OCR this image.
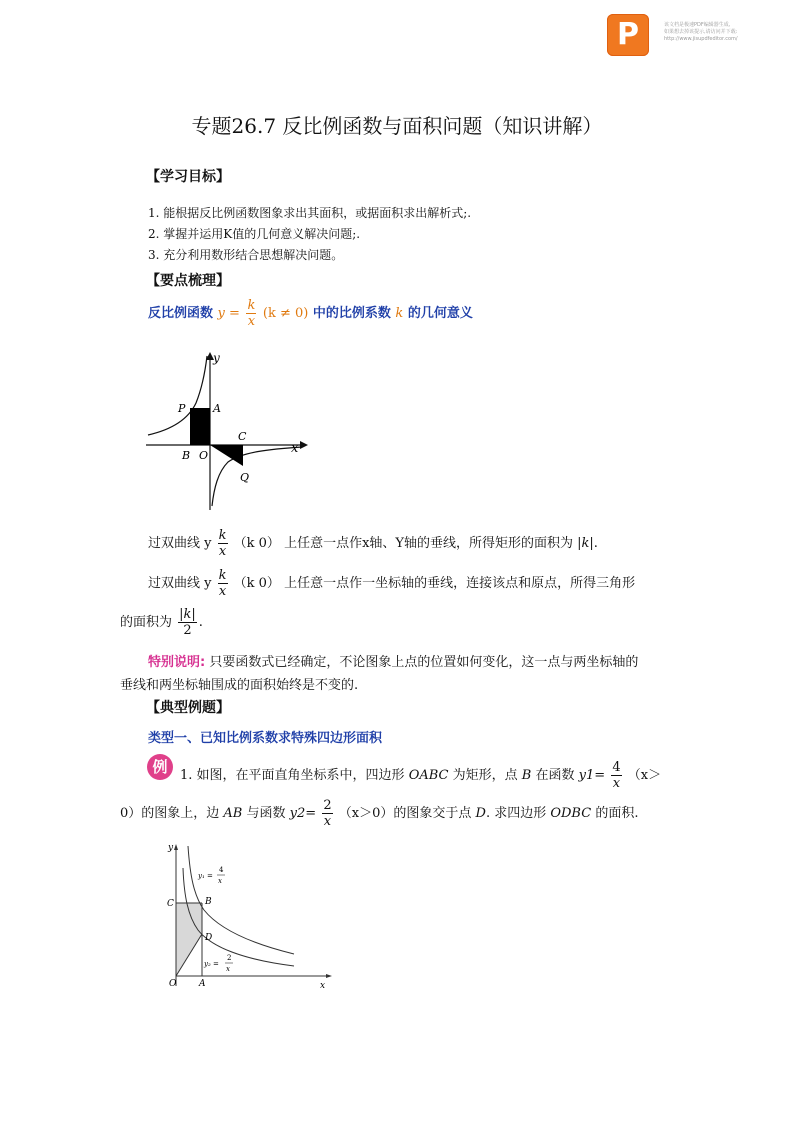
P	该文档是极速PDF编辑器生成,
如果想去掉该提示,请访问并下载:
http://www.jisupdfeditor.com/
专题26.7 反比例函数与面积问题（知识讲解）
【学习目标】
1. 能根据反比例函数图象求出其面积，或据面积求出解析式;.
2. 掌握并运用K值的几何意义解决问题;.
3. 充分利用数形结合思想解决问题。
【要点梳理】
反比例函数 $y = \frac{k}{x} (k \ne 0)$ 中的比例系数 k 的几何意义
y
x
P	A
B O
C
Q
过双曲线 y $\frac{k}{x} (k$ 0） 上任意一点作x轴、Y轴的垂线，所得矩形的面积为 |k|.
过双曲线 y $\frac{k}{x} (k$ 0） 上任意一点作一坐标轴的垂线，连接该点和原点，所得三角形
的面积为 $\frac{|k|}{2}$ .
特别说明: 只要函数式已经确定，不论图象上点的位置如何变化，这一点与两坐标轴的
垂线和两坐标轴围成的面积始终是不变的.
【典型例题】
类型一、已知比例系数求特殊四边形面积
例 1. 如图，在平面直角坐标系中，四边形 OABC 为矩形，点 B 在函数 $y1= \frac{4}{x} (x>$
0）的图象上，边 AB 与函数 $y2= \frac{2}{x} (x>0)$的图象交于点 D. 求四边形 ODBC 的面积.
y
x
C	B
D
O	A
y₁ =
4
x
y₂ =
2
x
